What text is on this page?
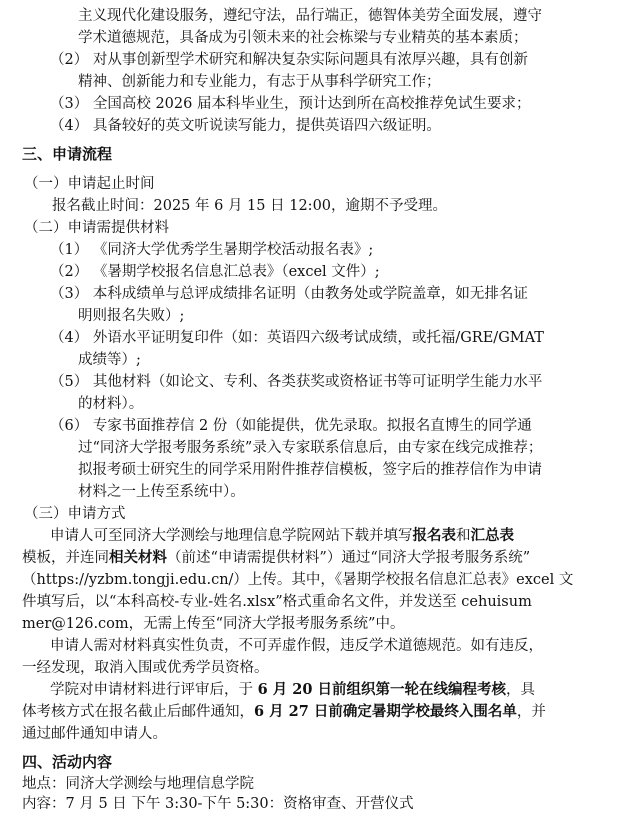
主义现代化建设服务，遵纪守法，品行端正，德智体美劳全面发展，遵守
学术道德规范，具备成为引领未来的社会栋梁与专业精英的基本素质；
（2） 对从事创新型学术研究和解决复杂实际问题具有浓厚兴趣，具有创新
精神、创新能力和专业能力，有志于从事科学研究工作；
（3） 全国高校 2026 届本科毕业生，预计达到所在高校推荐免试生要求；
（4） 具备较好的英文听说读写能力，提供英语四六级证明。
三、申请流程
（一）申请起止时间
报名截止时间：2025 年 6 月 15 日 12:00，逾期不予受理。
（二）申请需提供材料
（1） 《同济大学优秀学生暑期学校活动报名表》;
（2） 《暑期学校报名信息汇总表》（excel 文件）;
（3） 本科成绩单与总评成绩排名证明（由教务处或学院盖章，如无排名证
明则报名失败）;
（4） 外语水平证明复印件（如：英语四六级考试成绩，或托福/GRE/GMAT
成绩等）;
（5） 其他材料（如论文、专利、各类获奖或资格证书等可证明学生能力水平
的材料）。
（6） 专家书面推荐信 2 份（如能提供，优先录取。拟报名直博生的同学通
过“同济大学报考服务系统”录入专家联系信息后，由专家在线完成推荐；
拟报考硕士研究生的同学采用附件推荐信模板，签字后的推荐信作为申请
材料之一上传至系统中）。
（三）申请方式
申请人可至同济大学测绘与地理信息学院网站下载并填写报名表和汇总表
模板，并连同相关材料（前述“申请需提供材料”）通过“同济大学报考服务系统”
（https://yzbm.tongji.edu.cn/）上传。其中，《暑期学校报名信息汇总表》excel 文
件填写后，以“本科高校-专业-姓名.xlsx”格式重命名文件，并发送至 cehuisum
mer@126.com，无需上传至“同济大学报考服务系统”中。
申请人需对材料真实性负责，不可弄虚作假，违反学术道德规范。如有违反，
一经发现，取消入围或优秀学员资格。
学院对申请材料进行评审后，于 6 月 20 日前组织第一轮在线编程考核，具
体考核方式在报名截止后邮件通知，6 月 27 日前确定暑期学校最终入围名单，并
通过邮件通知申请人。
四、活动内容
地点：同济大学测绘与地理信息学院
内容：7 月 5 日 下午 3:30-下午 5:30：资格审查、开营仪式
